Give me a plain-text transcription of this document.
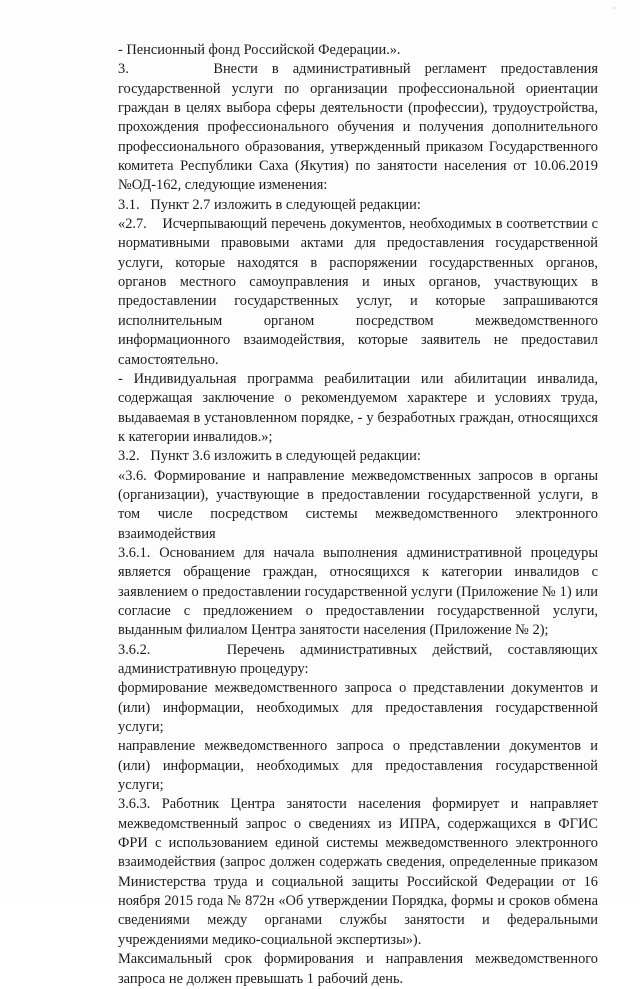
·

- Пенсионный фонд Российской Федерации.».

3.      Внести в административный регламент предоставления государственной услуги по организации профессиональной ориентации граждан в целях выбора сферы деятельности (профессии), трудоустройства, прохождения профессионального обучения и получения дополнительного профессионального образования, утвержденный приказом Государственного комитета Республики Саха (Якутия) по занятости населения от 10.06.2019 №ОД-162, следующие изменения:

3.1.   Пункт 2.7 изложить в следующей редакции:

«2.7.    Исчерпывающий перечень документов, необходимых в соответствии с нормативными правовыми актами для предоставления государственной услуги, которые находятся в распоряжении государственных органов, органов местного самоуправления и иных органов, участвующих в предоставлении государственных услуг, и которые запрашиваются исполнительным органом посредством межведомственного информационного взаимодействия, которые заявитель не предоставил самостоятельно.

- Индивидуальная программа реабилитации или абилитации инвалида, содержащая заключение о рекомендуемом характере и условиях труда, выдаваемая в установленном порядке, - у безработных граждан, относящихся к категории инвалидов.»;

3.2.   Пункт 3.6 изложить в следующей редакции:

«3.6. Формирование и направление межведомственных запросов в органы (организации), участвующие в предоставлении государственной услуги, в том числе посредством системы межведомственного электронного взаимодействия

3.6.1. Основанием для начала выполнения административной процедуры является обращение граждан, относящихся к категории инвалидов с заявлением о предоставлении государственной услуги (Приложение № 1) или согласие с предложением о предоставлении государственной услуги, выданным филиалом Центра занятости населения (Приложение № 2);

3.6.2.     Перечень административных действий, составляющих административную процедуру:

формирование межведомственного запроса о представлении документов и (или) информации, необходимых для предоставления государственной услуги;

направление межведомственного запроса о представлении документов и (или) информации, необходимых для предоставления государственной услуги;

3.6.3. Работник Центра занятости населения формирует и направляет межведомственный запрос о сведениях из ИПРА, содержащихся в ФГИС ФРИ с использованием единой системы межведомственного электронного взаимодействия (запрос должен содержать сведения, определенные приказом Министерства труда и социальной защиты Российской Федерации от 16 ноября 2015 года № 872н «Об утверждении Порядка, формы и сроков обмена сведениями между органами службы занятости и федеральными учреждениями медико-социальной экспертизы»).

Максимальный срок формирования и направления межведомственного запроса не должен превышать 1 рабочий день.
